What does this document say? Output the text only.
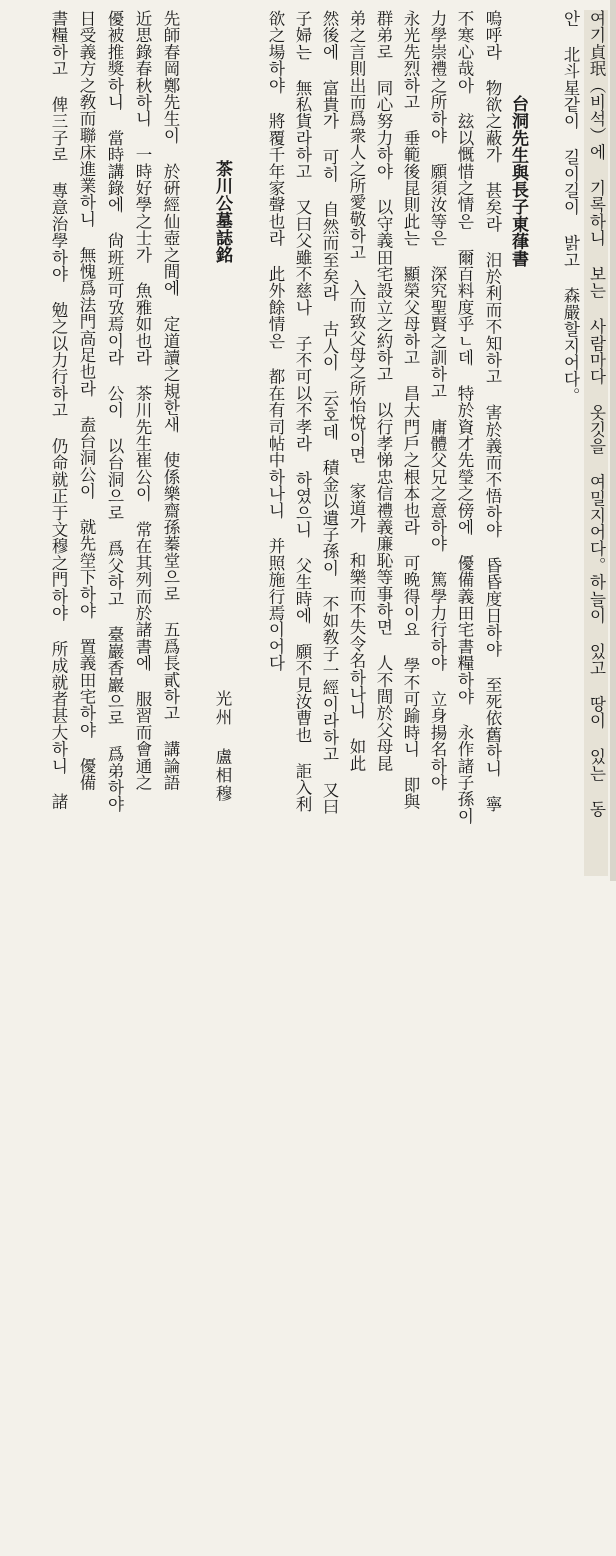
여기貞珉（비석）에 기록하니 보는 사람마다 옷깃을 여밀지어다。하늘이 있고 땅이 있는 동
안 北斗星같이 길이길이 밝고 森嚴할지어다。
台洞先生與長子東葎書
嗚呼라 物欲之蔽가 甚矣라 汨於利而不知하고 害於義而不悟하야 昏昏度日하야 至死依舊하니 寧
不寒心哉아 玆以慨惜之情은 爾百料度乎ㄴ데 特於資才先瑩之傍에 優備義田宅書糧하야 永作諸子孫이
力學崇禮之所하야 願須汝等은 深究聖賢之訓하고 庸體父兄之意하야 篤學力行하야 立身揚名하야
永光先烈하고 垂範後昆則此는 顯榮父母하고 昌大門戶之根本也라 可晩得이요 學不可踰時니 即與
群弟로 同心努力하야 以守義田宅設立之約하고 以行孝悌忠信禮義廉恥等事하면 人不間於父母昆
弟之言則出而爲衆人之所愛敬하고 入而致父母之所怡悅이면 家道가 和樂而不失令名하나니 如此
然後에 富貴가 可히 自然而至矣라 古人이 云호데 積金以遺子孫이 不如敎子一經이라하고 又曰
子婦는 無私貨라하고 又曰父雖不慈나 子不可以不孝라 하였으니 父生時에 願不見汝曹也 詎入利
欲之場하야 將覆千年家聲也라 此外餘情은 都在有司帖中하나니 并照施行焉이어다
光州 盧相穆
茶川公墓誌銘
先師春岡鄭先生이 於硏經仙壺之間에 定道讀之規한새 使係樂齋孫蓁堂으로 五爲長貳하고 講論語
近思錄春秋하니 一時好學之士가 魚雅如也라 茶川先生崔公이 常在其列而於諸書에 服習而會通之
優被推獎하니 當時講錄에 尙班班可攷焉이라 公이 以台洞으로 爲父하고 臺巖香巖으로 爲弟하야
日受義方之敎而聯床進業하니 無愧爲法門高足也라 盍台洞公이 就先塋下하야 置義田宅하야 優備
書糧하고 俾三子로 專意治學하야 勉之以力行하고 仍命就正于文穆之門하야 所成就者甚大하니 諸
